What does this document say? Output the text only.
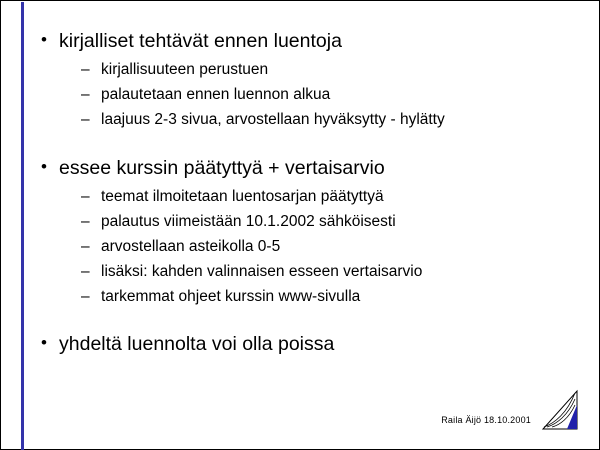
• kirjalliset tehtävät ennen luentoja
– kirjallisuuteen perustuen
– palautetaan ennen luennon alkua
– laajuus 2-3 sivua, arvostellaan hyväksytty - hylätty
• essee kurssin päätyttyä + vertaisarvio
– teemat ilmoitetaan luentosarjan päätyttyä
– palautus viimeistään 10.1.2002 sähköisesti
– arvostellaan asteikolla 0-5
– lisäksi: kahden valinnaisen esseen vertaisarvio
– tarkemmat ohjeet kurssin www-sivulla
• yhdeltä luennolta voi olla poissa
Raila Äijö 18.10.2001
